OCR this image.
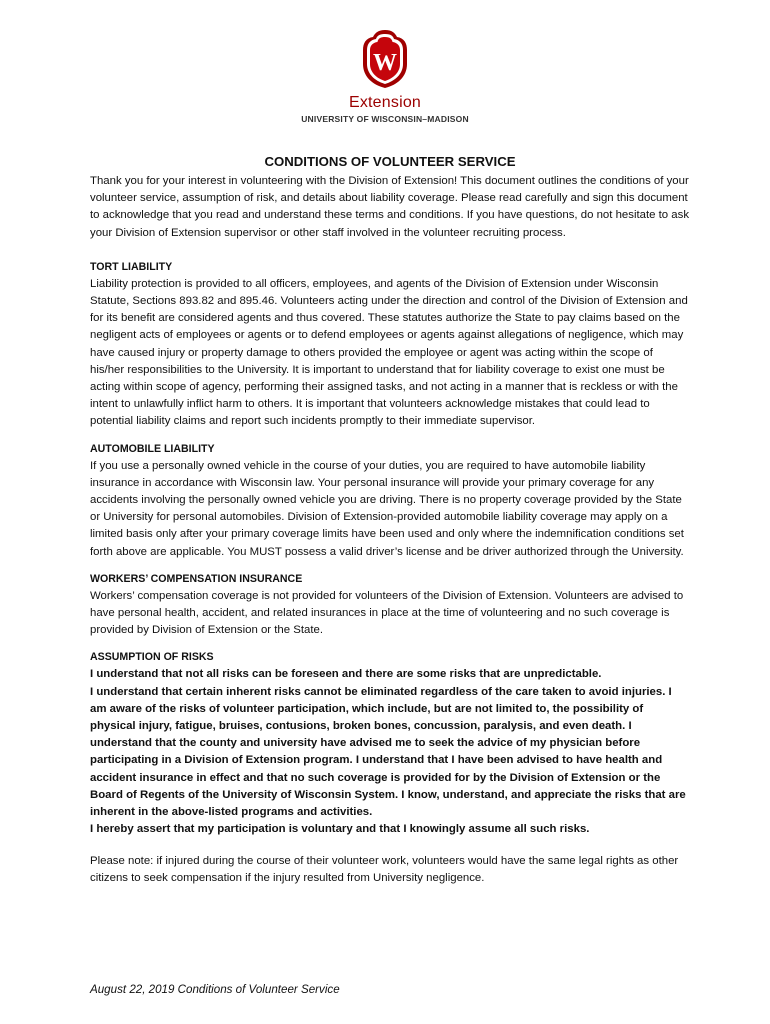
W
Extension
UNIVERSITY OF WISCONSIN–MADISON
CONDITIONS OF VOLUNTEER SERVICE

Thank you for your interest in volunteering with the Division of Extension! This document outlines the conditions of your volunteer service, assumption of risk, and details about liability coverage. Please read carefully and sign this document to acknowledge that you read and understand these terms and conditions. If you have questions, do not hesitate to ask your Division of Extension supervisor or other staff involved in the volunteer recruiting process.

TORT LIABILITY

Liability protection is provided to all officers, employees, and agents of the Division of Extension under Wisconsin Statute, Sections 893.82 and 895.46. Volunteers acting under the direction and control of the Division of Extension and for its benefit are considered agents and thus covered. These statutes authorize the State to pay claims based on the negligent acts of employees or agents or to defend employees or agents against allegations of negligence, which may have caused injury or property damage to others provided the employee or agent was acting within the scope of his/her responsibilities to the University. It is important to understand that for liability coverage to exist one must be acting within scope of agency, performing their assigned tasks, and not acting in a manner that is reckless or with the intent to unlawfully inflict harm to others. It is important that volunteers acknowledge mistakes that could lead to potential liability claims and report such incidents promptly to their immediate supervisor.

AUTOMOBILE LIABILITY

If you use a personally owned vehicle in the course of your duties, you are required to have automobile liability insurance in accordance with Wisconsin law. Your personal insurance will provide your primary coverage for any accidents involving the personally owned vehicle you are driving. There is no property coverage provided by the State or University for personal automobiles. Division of Extension-provided automobile liability coverage may apply on a limited basis only after your primary coverage limits have been used and only where the indemnification conditions set forth above are applicable. You MUST possess a valid driver’s license and be driver authorized through the University.

WORKERS’ COMPENSATION INSURANCE

Workers’ compensation coverage is not provided for volunteers of the Division of Extension. Volunteers are advised to have personal health, accident, and related insurances in place at the time of volunteering and no such coverage is provided by Division of Extension or the State.

ASSUMPTION OF RISKS

I understand that not all risks can be foreseen and there are some risks that are unpredictable.

I understand that certain inherent risks cannot be eliminated regardless of the care taken to avoid injuries. I am aware of the risks of volunteer participation, which include, but are not limited to, the possibility of physical injury, fatigue, bruises, contusions, broken bones, concussion, paralysis, and even death. I understand that the county and university have advised me to seek the advice of my physician before participating in a Division of Extension program. I understand that I have been advised to have health and accident insurance in effect and that no such coverage is provided for by the Division of Extension or the Board of Regents of the University of Wisconsin System. I know, understand, and appreciate the risks that are inherent in the above-listed programs and activities.

I hereby assert that my participation is voluntary and that I knowingly assume all such risks.

Please note: if injured during the course of their volunteer work, volunteers would have the same legal rights as other citizens to seek compensation if the injury resulted from University negligence.

August 22, 2019 Conditions of Volunteer Service
